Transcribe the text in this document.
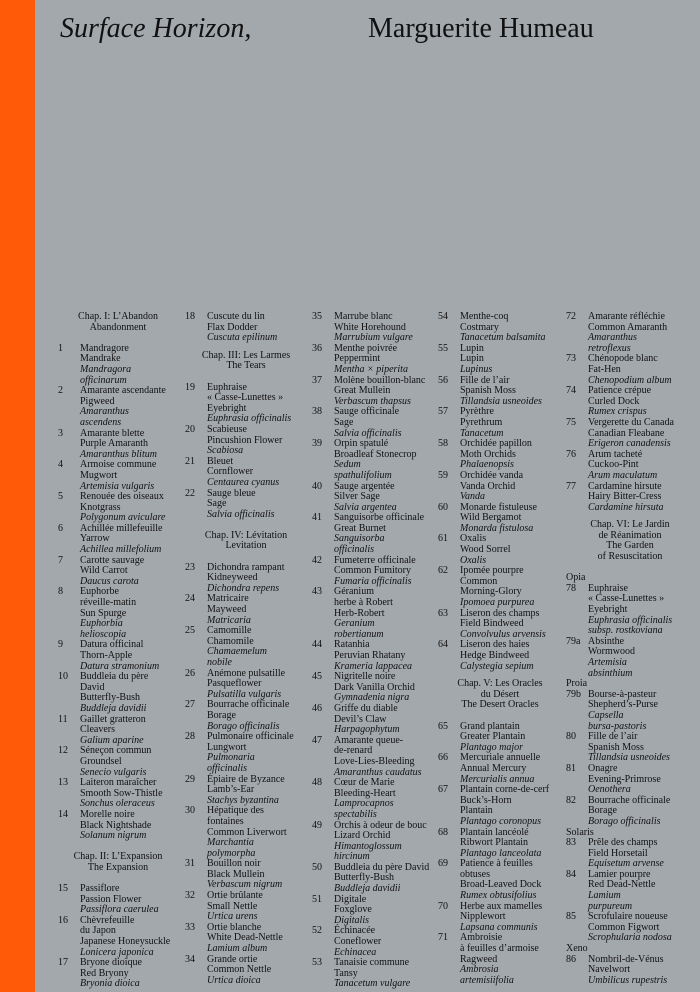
Surface Horizon,	Marguerite Humeau
Chap. I: L’Abandon
Abandonment
1 Mandragore
Mandrake
Mandragora
officinarum
2 Amarante ascendante
Pigweed
Amaranthus
ascendens
3 Amarante blette
Purple Amaranth
Amaranthus blitum
4 Armoise commune
Mugwort
Artemisia vulgaris
5 Renouée des oiseaux
Knotgrass
Polygonum aviculare
6 Achillée millefeuille
Yarrow
Achillea millefolium
7 Carotte sauvage
Wild Carrot
Daucus carota
8 Euphorbe
réveille-matin
Sun Spurge
Euphorbia
helioscopia
9 Datura officinal
Thorn-Apple
Datura stramonium
10 Buddleia du père
David
Butterfly-Bush
Buddleja davidii
11 Gaillet gratteron
Cleavers
Galium aparine
12 Séneçon commun
Groundsel
Senecio vulgaris
13 Laiteron maraîcher
Smooth Sow-Thistle
Sonchus oleraceus
14 Morelle noire
Black Nightshade
Solanum nigrum
Chap. II: L’Expansion
The Expansion
15 Passiflore
Passion Flower
Passiflora caerulea
16 Chèvrefeuille
du Japon
Japanese Honeysuckle
Lonicera japonica
17 Bryone dioïque
Red Bryony
Bryonia dioica
18 Cuscute du lin
Flax Dodder
Cuscuta epilinum
Chap. III: Les Larmes
The Tears
19 Euphraise
« Casse-Lunettes »
Eyebright
Euphrasia officinalis
20 Scabieuse
Pincushion Flower
Scabiosa
21 Bleuet
Cornflower
Centaurea cyanus
22 Sauge bleue
Sage
Salvia officinalis
Chap. IV: Lévitation
Levitation
23 Dichondra rampant
Kidneyweed
Dichondra repens
24 Matricaire
Mayweed
Matricaria
25 Camomille
Chamomile
Chamaemelum
nobile
26 Anémone pulsatille
Pasqueflower
Pulsatilla vulgaris
27 Bourrache officinale
Borage
Borago officinalis
28 Pulmonaire officinale
Lungwort
Pulmonaria
officinalis
29 Épiaire de Byzance
Lamb’s-Ear
Stachys byzantina
30 Hépatique des
fontaines
Common Liverwort
Marchantia
polymorpha
31 Bouillon noir
Black Mullein
Verbascum nigrum
32 Ortie brûlante
Small Nettle
Urtica urens
33 Ortie blanche
White Dead-Nettle
Lamium album
34 Grande ortie
Common Nettle
Urtica dioica
35 Marrube blanc
White Horehound
Marrubium vulgare
36 Menthe poivrée
Peppermint
Mentha × piperita
37 Molène bouillon-blanc
Great Mullein
Verbascum thapsus
38 Sauge officinale
Sage
Salvia officinalis
39 Orpin spatulé
Broadleaf Stonecrop
Sedum
spathulifolium
40 Sauge argentée
Silver Sage
Salvia argentea
41 Sanguisorbe officinale
Great Burnet
Sanguisorba
officinalis
42 Fumeterre officinale
Common Fumitory
Fumaria officinalis
43 Géranium
herbe à Robert
Herb-Robert
Geranium
robertianum
44 Ratanhia
Peruvian Rhatany
Krameria lappacea
45 Nigritelle noire
Dark Vanilla Orchid
Gymnadenia nigra
46 Griffe du diable
Devil’s Claw
Harpagophytum
47 Amarante queue-
de-renard
Love-Lies-Bleeding
Amaranthus caudatus
48 Cœur de Marie
Bleeding-Heart
Lamprocapnos
spectabilis
49 Orchis à odeur de bouc
Lizard Orchid
Himantoglossum
hircinum
50 Buddleia du père David
Butterfly-Bush
Buddleja davidii
51 Digitale
Foxglove
Digitalis
52 Échinacée
Coneflower
Echinacea
53 Tanaisie commune
Tansy
Tanacetum vulgare
54 Menthe-coq
Costmary
Tanacetum balsamita
55 Lupin
Lupin
Lupinus
56 Fille de l’air
Spanish Moss
Tillandsia usneoides
57 Pyrèthre
Pyrethrum
Tanacetum
58 Orchidée papillon
Moth Orchids
Phalaenopsis
59 Orchidée vanda
Vanda Orchid
Vanda
60 Monarde fistuleuse
Wild Bergamot
Monarda fistulosa
61 Oxalis
Wood Sorrel
Oxalis
62 Ipomée pourpre
Common
Morning-Glory
Ipomoea purpurea
63 Liseron des champs
Field Bindweed
Convolvulus arvensis
64 Liseron des haies
Hedge Bindweed
Calystegia sepium
Chap. V: Les Oracles
du Désert
The Desert Oracles
65 Grand plantain
Greater Plantain
Plantago major
66 Mercuriale annuelle
Annual Mercury
Mercurialis annua
67 Plantain corne-de-cerf
Buck’s-Horn
Plantain
Plantago coronopus
68 Plantain lancéolé
Ribwort Plantain
Plantago lanceolata
69 Patience à feuilles
obtuses
Broad-Leaved Dock
Rumex obtusifolius
70 Herbe aux mamelles
Nipplewort
Lapsana communis
71 Ambroisie
à feuilles d’armoise
Ragweed
Ambrosia
artemisiifolia
72 Amarante réfléchie
Common Amaranth
Amaranthus
retroflexus
73 Chénopode blanc
Fat-Hen
Chenopodium album
74 Patience crépue
Curled Dock
Rumex crispus
75 Vergerette du Canada
Canadian Fleabane
Erigeron canadensis
76 Arum tacheté
Cuckoo-Pint
Arum maculatum
77 Cardamine hirsute
Hairy Bitter-Cress
Cardamine hirsuta
Chap. VI: Le Jardin
de Réanimation
The Garden
of Resuscitation
Opia
78 Euphraise
« Casse-Lunettes »
Eyebright
Euphrasia officinalis
subsp. rostkoviana
79a Absinthe
Wormwood
Artemisia
absinthium
Proia
79b Bourse-à-pasteur
Shepherd’s-Purse
Capsella
bursa-pastoris
80 Fille de l’air
Spanish Moss
Tillandsia usneoides
81 Onagre
Evening-Primrose
Oenothera
82 Bourrache officinale
Borage
Borago officinalis
Solaris
83 Prêle des champs
Field Horsetail
Equisetum arvense
84 Lamier pourpre
Red Dead-Nettle
Lamium
purpureum
85 Scrofulaire noueuse
Common Figwort
Scrophularia nodosa
Xeno
86 Nombril-de-Vénus
Navelwort
Umbilicus rupestris
